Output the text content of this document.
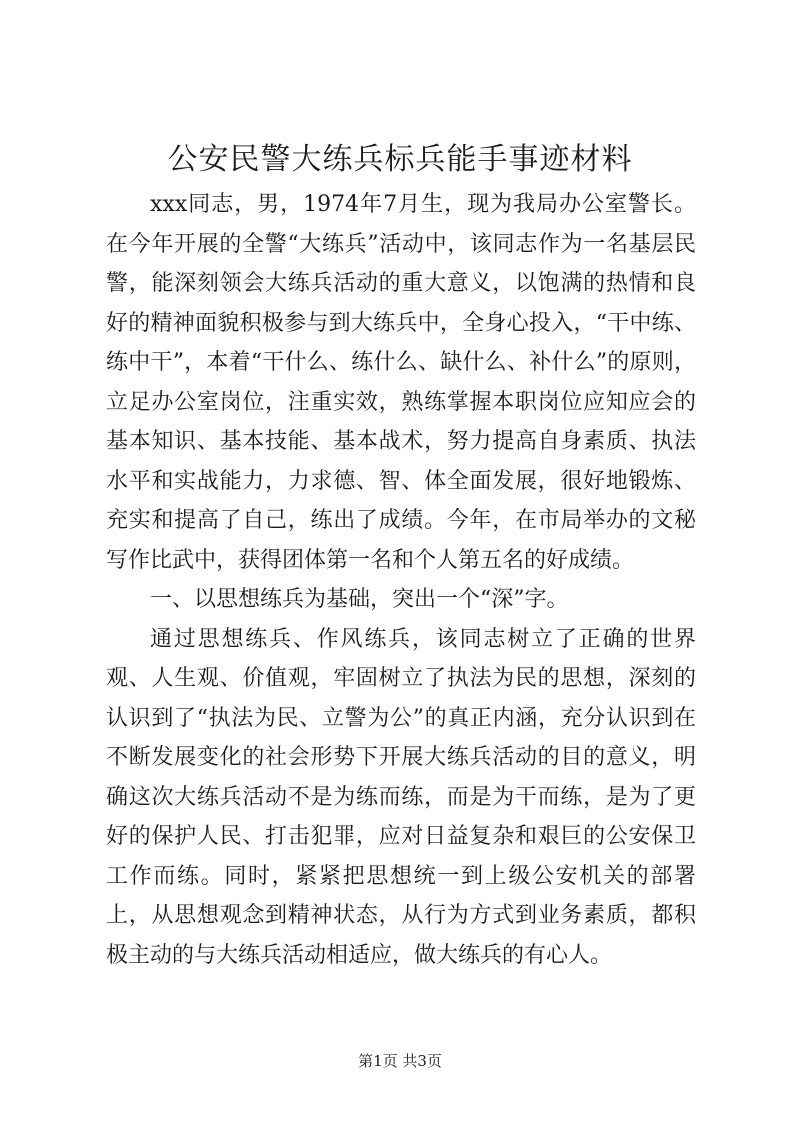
公安民警大练兵标兵能手事迹材料

xxx同志，男，1974年7月生，现为我局办公室警长。在今年开展的全警“大练兵”活动中，该同志作为一名基层民警，能深刻领会大练兵活动的重大意义，以饱满的热情和良好的精神面貌积极参与到大练兵中，全身心投入，“干中练、练中干”，本着“干什么、练什么、缺什么、补什么”的原则，立足办公室岗位，注重实效，熟练掌握本职岗位应知应会的基本知识、基本技能、基本战术，努力提高自身素质、执法水平和实战能力，力求德、智、体全面发展，很好地锻炼、充实和提高了自己，练出了成绩。今年，在市局举办的文秘写作比武中，获得团体第一名和个人第五名的好成绩。

一、以思想练兵为基础，突出一个“深”字。

通过思想练兵、作风练兵，该同志树立了正确的世界观、人生观、价值观，牢固树立了执法为民的思想，深刻的认识到了“执法为民、立警为公”的真正内涵，充分认识到在不断发展变化的社会形势下开展大练兵活动的目的意义，明确这次大练兵活动不是为练而练，而是为干而练，是为了更好的保护人民、打击犯罪，应对日益复杂和艰巨的公安保卫工作而练。同时，紧紧把思想统一到上级公安机关的部署上，从思想观念到精神状态，从行为方式到业务素质，都积极主动的与大练兵活动相适应，做大练兵的有心人。

第1页 共3页
